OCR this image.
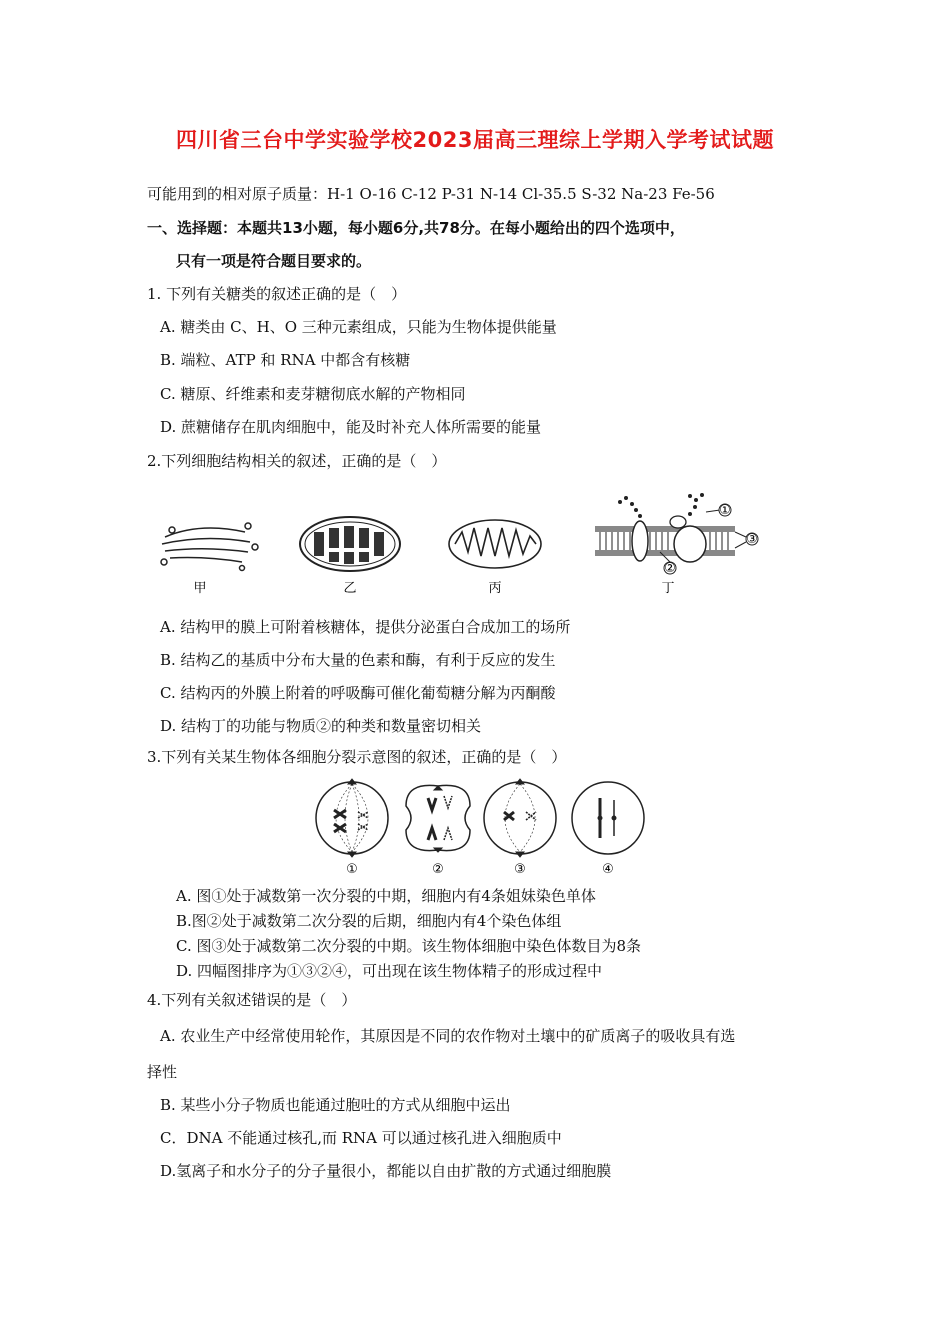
四川省三台中学实验学校2023届高三理综上学期入学考试试题
可能用到的相对原子质量：H-1 O-16 C-12 P-31 N-14 Cl-35.5 S-32 Na-23 Fe-56
一、选择题：本题共13小题，每小题6分,共78分。在每小题给出的四个选项中，
只有一项是符合题目要求的。
1. 下列有关糖类的叙述正确的是（　）
A. 糖类由 C、H、O 三种元素组成，只能为生物体提供能量
B. 端粒、ATP 和 RNA 中都含有核糖
C. 糖原、纤维素和麦芽糖彻底水解的产物相同
D. 蔗糖储存在肌肉细胞中，能及时补充人体所需要的能量
2.下列细胞结构相关的叙述，正确的是（　）
①
③
②
甲	乙	丙	丁
A. 结构甲的膜上可附着核糖体，提供分泌蛋白合成加工的场所
B. 结构乙的基质中分布大量的色素和酶，有利于反应的发生
C. 结构丙的外膜上附着的呼吸酶可催化葡萄糖分解为丙酮酸
D. 结构丁的功能与物质②的种类和数量密切相关
3.下列有关某生物体各细胞分裂示意图的叙述，正确的是（　）
①	②	③	④
A. 图①处于减数第一次分裂的中期，细胞内有4条姐妹染色单体
B.图②处于减数第二次分裂的后期，细胞内有4个染色体组
C. 图③处于减数第二次分裂的中期。该生物体细胞中染色体数目为8条
D. 四幅图排序为①③②④，可出现在该生物体精子的形成过程中
4.下列有关叙述错误的是（　）
A. 农业生产中经常使用轮作，其原因是不同的农作物对土壤中的矿质离子的吸收具有选
择性
B. 某些小分子物质也能通过胞吐的方式从细胞中运出
C．DNA 不能通过核孔,而 RNA 可以通过核孔进入细胞质中
D.氢离子和水分子的分子量很小，都能以自由扩散的方式通过细胞膜
